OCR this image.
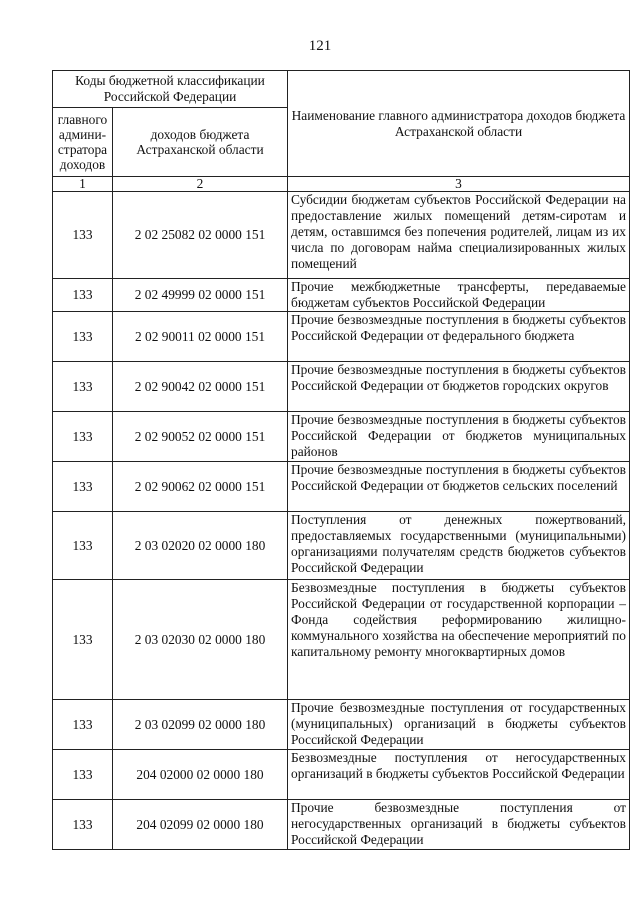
121
Коды бюджетной классификации Российской Федерации		Наименование главного администратора доходов бюджета Астраханской области
главного админи- стратора доходов	доходов бюджета Астраханской области	
1	2	3
133	2 02 25082 02 0000 151	Субсидии бюджетам субъектов Российской Федерации на предоставление жилых помещений детям-сиротам и детям, оставшимся без попечения родителей, лицам из их числа по договорам найма специализированных жилых помещений
133	2 02 49999 02 0000 151	Прочие межбюджетные трансферты, передаваемые бюджетам субъектов Российской Федерации
133	2 02 90011 02 0000 151	Прочие безвозмездные поступления в бюджеты субъектов Российской Федерации от федерального бюджета
133	2 02 90042 02 0000 151	Прочие безвозмездные поступления в бюджеты субъектов Российской Федерации от бюджетов городских округов
133	2 02 90052 02 0000 151	Прочие безвозмездные поступления в бюджеты субъектов Российской Федерации от бюджетов муниципальных районов
133	2 02 90062 02 0000 151	Прочие безвозмездные поступления в бюджеты субъектов Российской Федерации от бюджетов сельских поселений
133	2 03 02020 02 0000 180	Поступления от денежных пожертвований, предоставляемых государственными (муниципальными) организациями получателям средств бюджетов субъектов Российской Федерации
133	2 03 02030 02 0000 180	Безвозмездные поступления в бюджеты субъектов Российской Федерации от государственной корпорации – Фонда содействия реформированию жилищно-коммунального хозяйства на обеспечение мероприятий по капитальному ремонту многоквартирных домов
133	2 03 02099 02 0000 180	Прочие безвозмездные поступления от государственных (муниципальных) организаций в бюджеты субъектов Российской Федерации
133	204 02000 02 0000 180	Безвозмездные поступления от негосударственных организаций в бюджеты субъектов Российской Федерации
133	204 02099 02 0000 180	Прочие безвозмездные поступления от негосударственных организаций в бюджеты субъектов Российской Федерации
